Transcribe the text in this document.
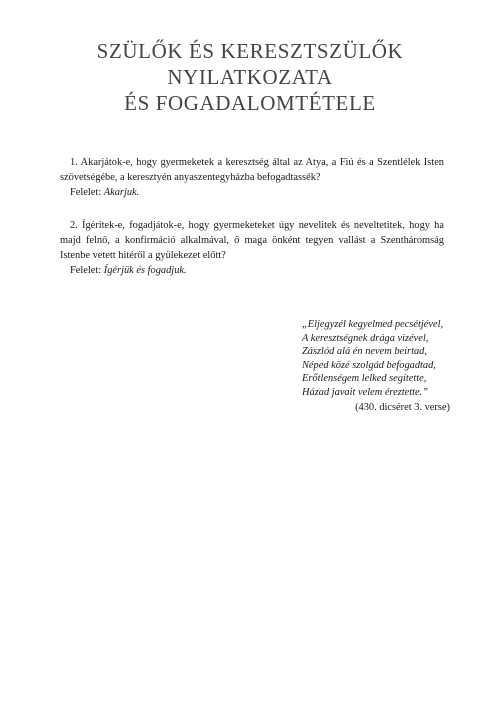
SZÜLŐK ÉS KERESZTSZÜLŐK
NYILATKOZATA
ÉS FOGADALOMTÉTELE

1. Akarjátok-e, hogy gyermeketek a keresztség által az Atya, a Fiú és a Szentlélek Isten szövetségébe, a keresztyén anyaszentegyházba befogadtassék?

Felelet: Akarjuk.

2. Ígéritek-e, fogadjátok-e, hogy gyermeketeket úgy nevelitek és neveltetitek, hogy ha majd felnő, a konfirmáció alkalmával, ő maga önként tegyen vallást a Szentháromság Istenbe vetett hitéről a gyülekezet előtt?

Felelet: Ígérjük és fogadjuk.

„Eljegyzél kegyelmed pecsétjével,
A keresztségnek drága vizével,
Zászlód alá én nevem beírtad,
Néped közé szolgád befogadtad,
Erőtlenségem lelked segítette,
Házad javait velem éreztette.”
(430. dicséret 3. verse)
